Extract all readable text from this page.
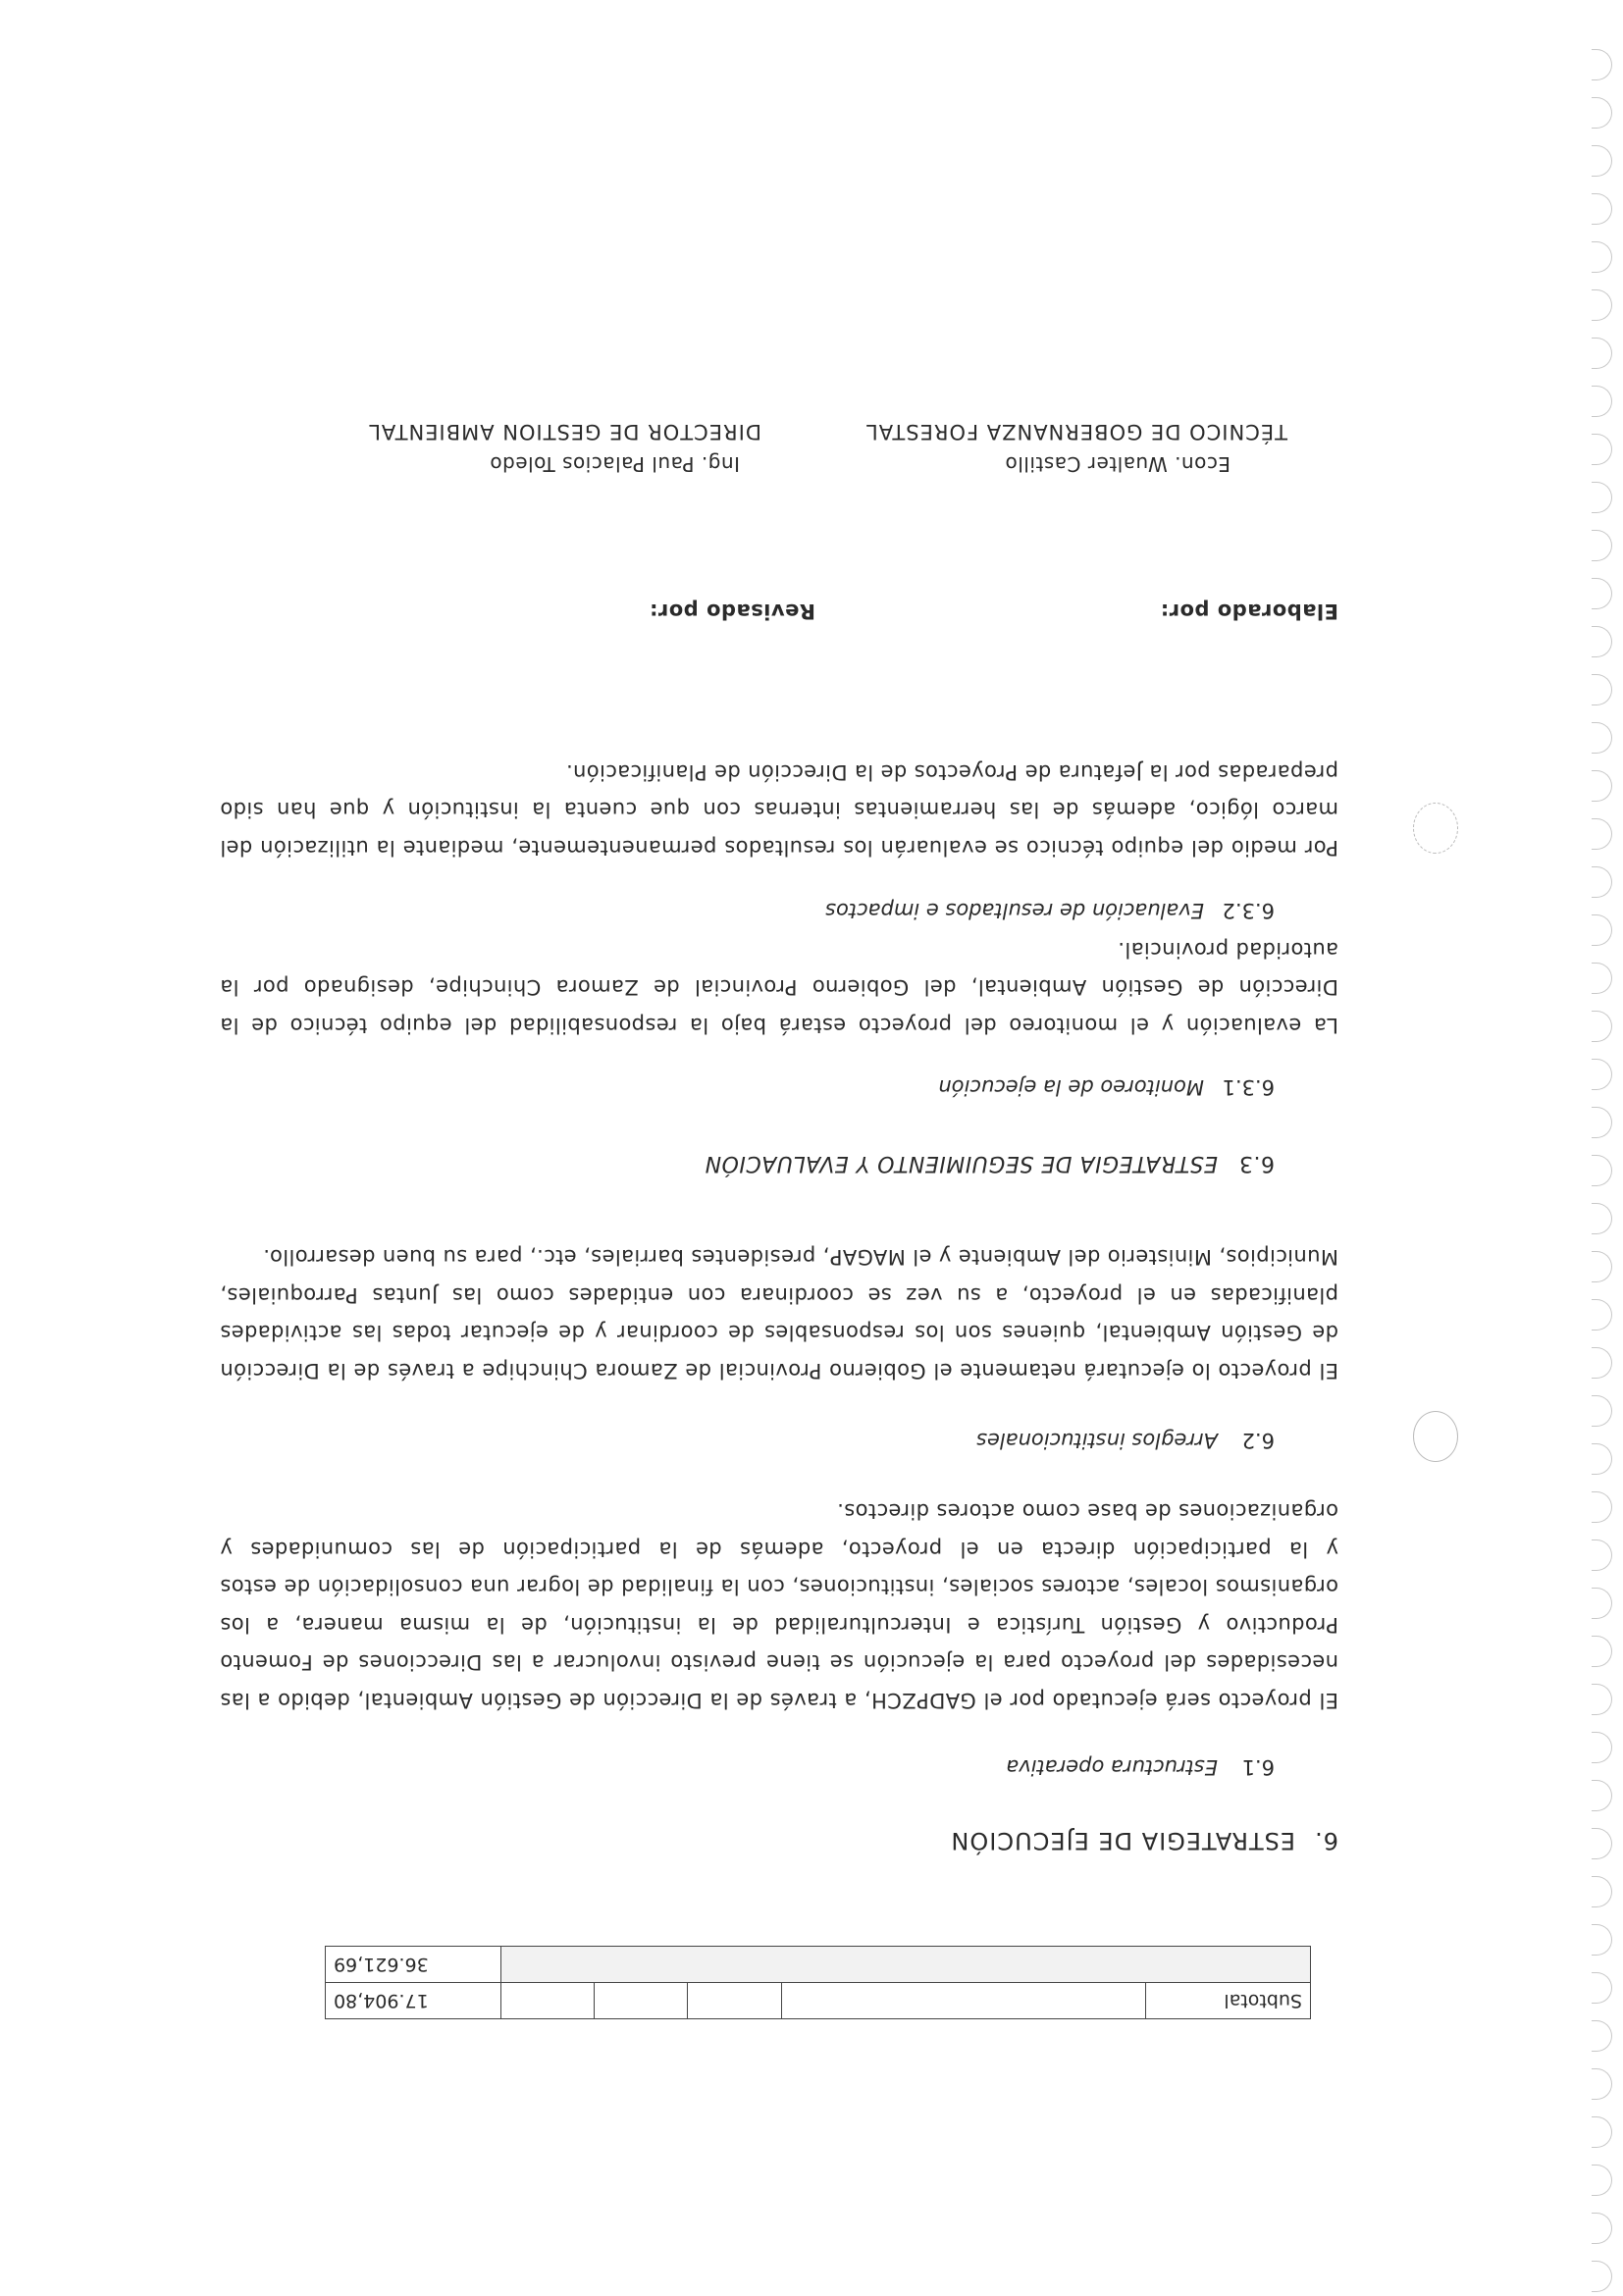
Subtotal					17.904,80
					36.621,69
6.ESTRATEGIA DE EJECUCIÓN
6.1Estructura operativa
El proyecto será ejecutado por el GADPZCH, a través de la Dirección de Gestión Ambiental, debido a las necesidades del proyecto para la ejecución se tiene previsto involucrar a las Direcciones de Fomento Productivo y Gestión Turística e Interculturalidad de la institución, de la misma manera, a los organismos locales, actores sociales, instituciones, con la finalidad de lograr una consolidación de estos y la participación directa en el proyecto, además de la participación de las comunidades y organizaciones de base como actores directos.
6.2Arreglos institucionales
El proyecto lo ejecutará netamente el Gobierno Provincial de Zamora Chinchipe a través de la Dirección de Gestión Ambiental, quienes son los responsables de coordinar y de ejecutar todas las actividades planificadas en el proyecto, a su vez se coordinara con entidades como las Juntas Parroquiales, Municipios, Ministerio del Ambiente y el MAGAP, presidentes barriales, etc., para su buen desarrollo.
6.3ESTRATEGIA DE SEGUIMIENTO Y EVALUACIÓN
6.3.1Monitoreo de la ejecución
La evaluación y el monitoreo del proyecto estará bajo la responsabilidad del equipo técnico de la Dirección de Gestión Ambiental, del Gobierno Provincial de Zamora Chinchipe, designado por la autoridad provincial.
6.3.2Evaluación de resultados e impactos
Por medio del equipo técnico se evaluarán los resultados permanentemente, mediante la utilización del marco lógico, además de las herramientas internas con que cuenta la institución y que han sido preparadas por la Jefatura de Proyectos de la Dirección de Planificación.
Elaborado por:
Revisado por:
Econ. Wualter Castillo
TÉCNICO DE GOBERNANZA FORESTAL
Ing. Paul Palacios Toledo
DIRECTOR DE GESTION AMBIENTAL
